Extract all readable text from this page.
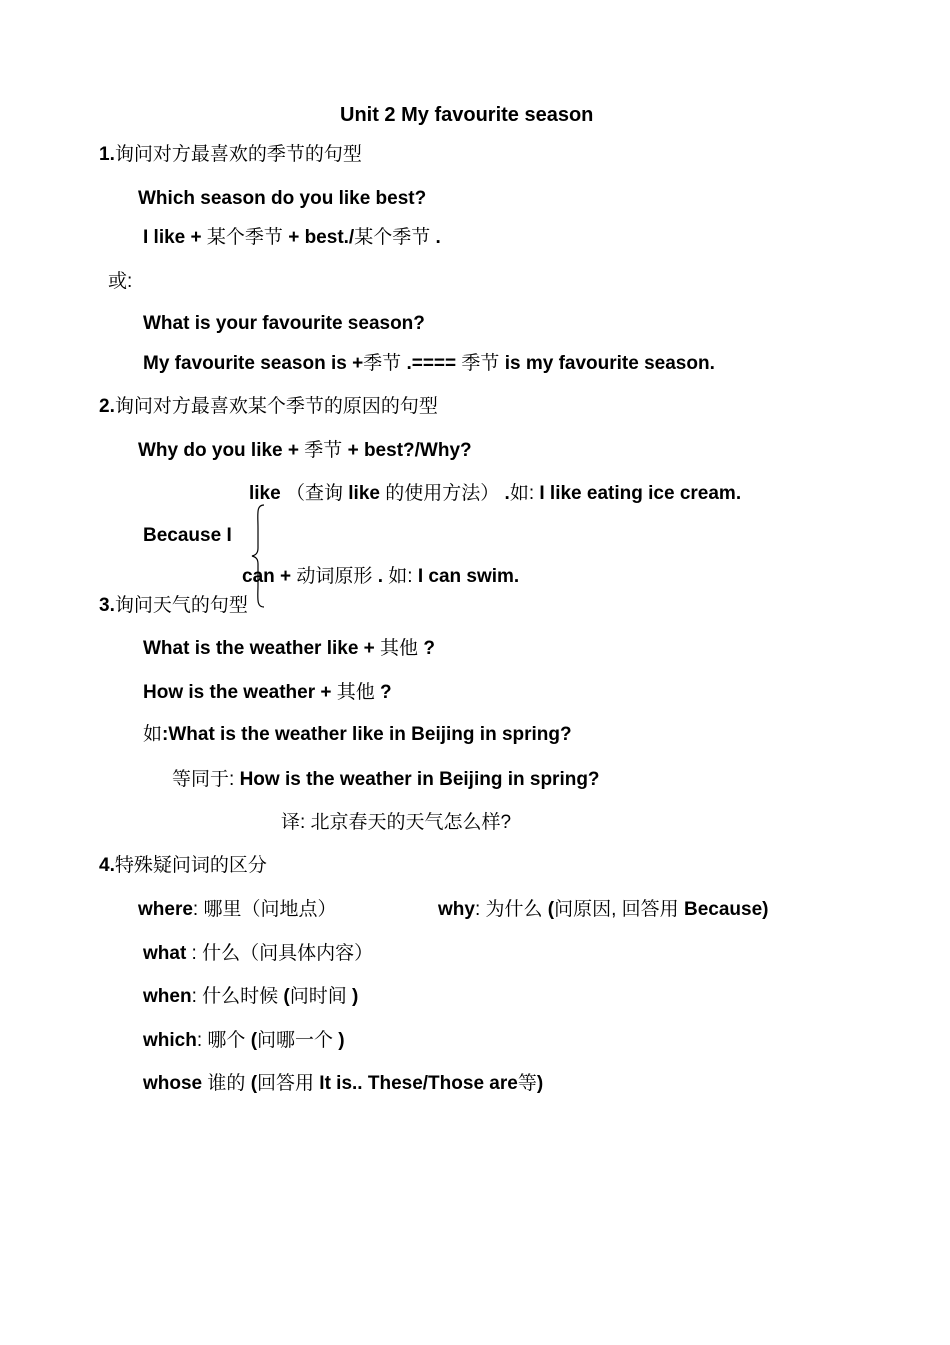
Unit 2 My favourite season
1.询问对方最喜欢的季节的句型
Which season do you like best?
I like + 某个季节 + best./某个季节 .
或:
What is your favourite season?
My favourite season is +季节 .==== 季节 is my favourite season.
2.询问对方最喜欢某个季节的原因的句型
Why do you like + 季节 + best?/Why?
like （查询 like 的使用方法） .如: I like eating ice cream.
Because I
can + 动词原形 . 如: I can swim.
3.询问天气的句型
What is the weather like + 其他 ?
How is the weather + 其他 ?
如:What is the weather like in Beijing in spring?
等同于: How is the weather in Beijing in spring?
译: 北京春天的天气怎么样?
4.特殊疑问词的区分
where: 哪里（问地点）	why: 为什么 (问原因, 回答用 Because)
what : 什么（问具体内容）
when: 什么时候 (问时间 )
which: 哪个 (问哪一个 )
whose 谁的 (回答用 It is.. These/Those are等)
